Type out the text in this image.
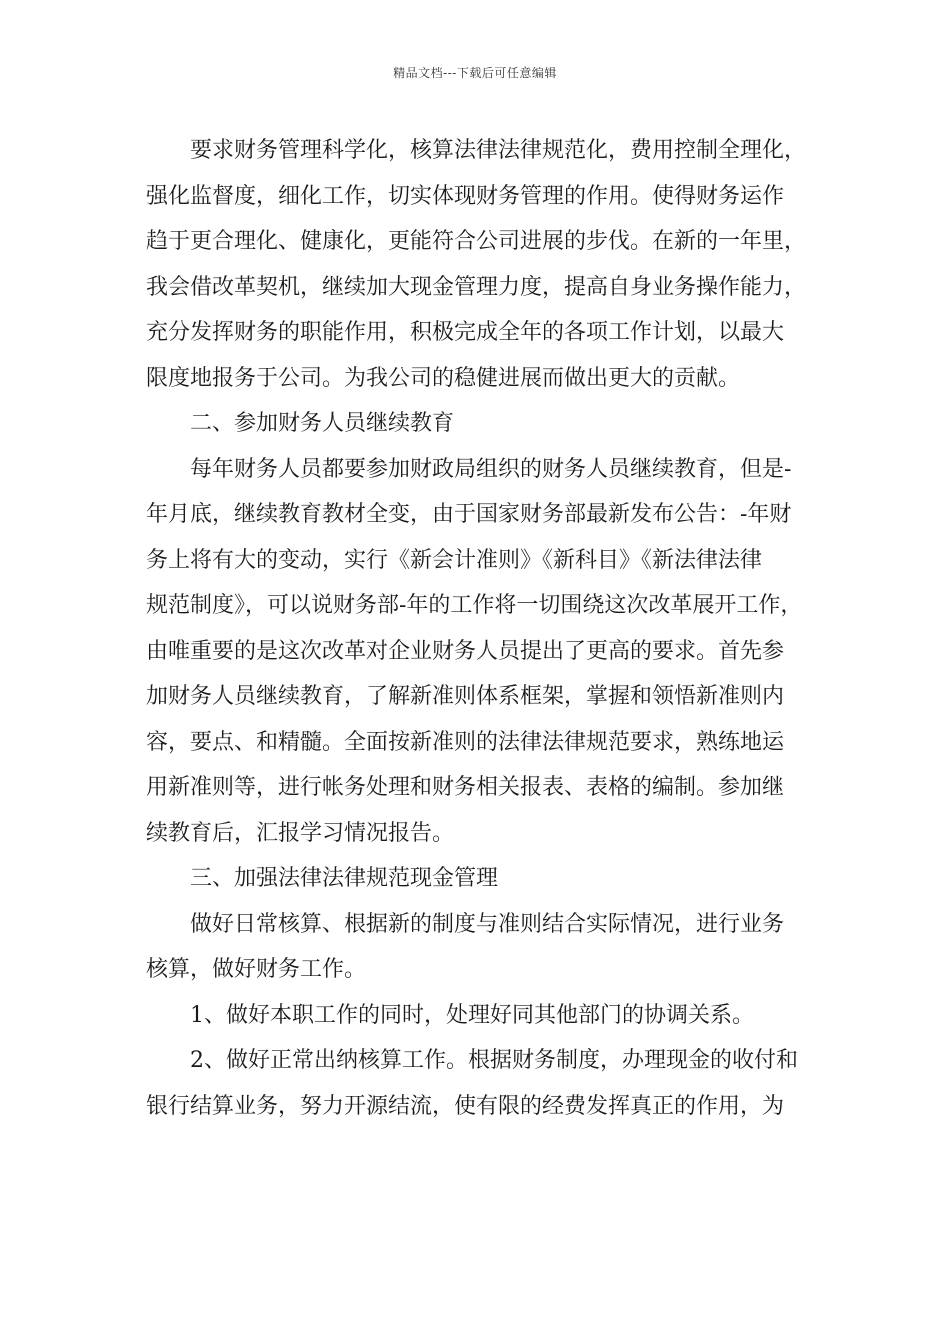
精品文档---下载后可任意编辑

要求财务管理科学化，核算法律法律规范化，费用控制全理化，
强化监督度，细化工作，切实体现财务管理的作用。使得财务运作
趋于更合理化、健康化，更能符合公司进展的步伐。在新的一年里，
我会借改革契机，继续加大现金管理力度，提高自身业务操作能力，
充分发挥财务的职能作用，积极完成全年的各项工作计划，以最大
限度地报务于公司。为我公司的稳健进展而做出更大的贡献。

二、参加财务人员继续教育

每年财务人员都要参加财政局组织的财务人员继续教育，但是-
年月底，继续教育教材全变，由于国家财务部最新发布公告：-年财
务上将有大的变动，实行《新会计准则》《新科目》《新法律法律
规范制度》，可以说财务部-年的工作将一切围绕这次改革展开工作，
由唯重要的是这次改革对企业财务人员提出了更高的要求。首先参
加财务人员继续教育，了解新准则体系框架，掌握和领悟新准则内
容，要点、和精髓。全面按新准则的法律法律规范要求，熟练地运
用新准则等，进行帐务处理和财务相关报表、表格的编制。参加继
续教育后，汇报学习情况报告。

三、加强法律法律规范现金管理

做好日常核算、根据新的制度与准则结合实际情况，进行业务
核算，做好财务工作。

1、做好本职工作的同时，处理好同其他部门的协调关系。

2、做好正常出纳核算工作。根据财务制度，办理现金的收付和
银行结算业务，努力开源结流，使有限的经费发挥真正的作用，为
